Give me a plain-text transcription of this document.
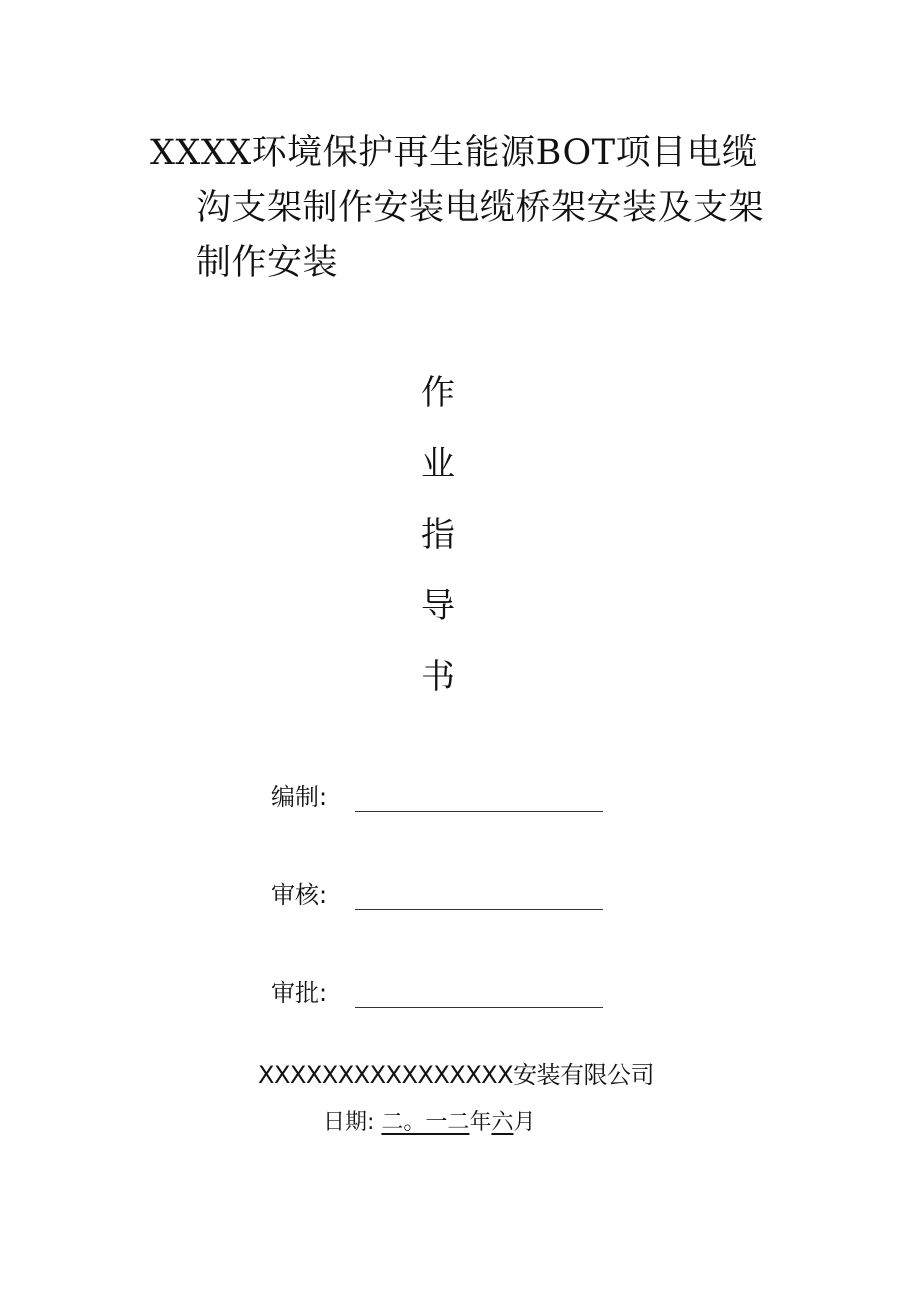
XXXX环境保护再生能源BOT项目电缆
沟支架制作安装电缆桥架安装及支架
制作安装
作
业
指
导
书
编制:
审核:
审批:
XXXXXXXXXXXXXXXX安装有限公司
日期: 二。一二年六月
